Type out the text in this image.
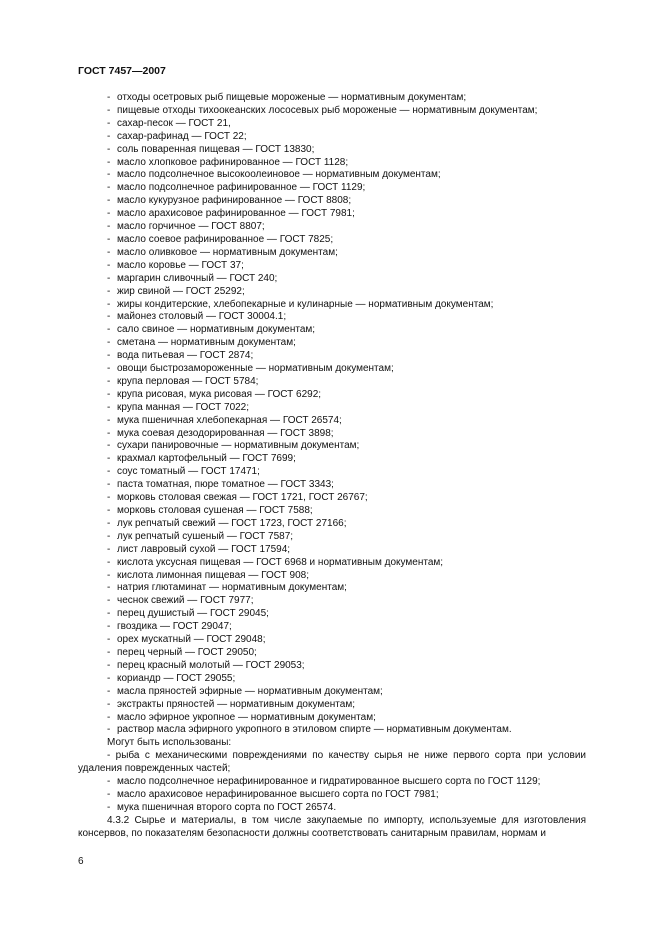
ГОСТ 7457—2007
- отходы осетровых рыб пищевые мороженые — нормативным документам;
- пищевые отходы тихоокеанских лососевых рыб мороженые — нормативным документам;
- сахар-песок — ГОСТ 21,
- сахар-рафинад — ГОСТ 22;
- соль поваренная пищевая — ГОСТ 13830;
- масло хлопковое рафинированное — ГОСТ 1128;
- масло подсолнечное высокоолеиновое — нормативным документам;
- масло подсолнечное рафинированное — ГОСТ 1129;
- масло кукурузное рафинированное — ГОСТ 8808;
- масло арахисовое рафинированное — ГОСТ 7981;
- масло горчичное — ГОСТ 8807;
- масло соевое рафинированное — ГОСТ 7825;
- масло оливковое — нормативным документам;
- масло коровье — ГОСТ 37;
- маргарин сливочный — ГОСТ 240;
- жир свиной — ГОСТ 25292;
- жиры кондитерские, хлебопекарные и кулинарные — нормативным документам;
- майонез столовый — ГОСТ 30004.1;
- сало свиное — нормативным документам;
- сметана — нормативным документам;
- вода питьевая — ГОСТ 2874;
- овощи быстрозамороженные — нормативным документам;
- крупа перловая — ГОСТ 5784;
- крупа рисовая, мука рисовая — ГОСТ 6292;
- крупа манная — ГОСТ 7022;
- мука пшеничная хлебопекарная — ГОСТ 26574;
- мука соевая дезодорированная — ГОСТ 3898;
- сухари панировочные — нормативным документам;
- крахмал картофельный — ГОСТ 7699;
- соус томатный — ГОСТ 17471;
- паста томатная, пюре томатное — ГОСТ 3343;
- морковь столовая свежая — ГОСТ 1721, ГОСТ 26767;
- морковь столовая сушеная — ГОСТ 7588;
- лук репчатый свежий — ГОСТ 1723, ГОСТ 27166;
- лук репчатый сушеный — ГОСТ 7587;
- лист лавровый сухой — ГОСТ 17594;
- кислота уксусная пищевая — ГОСТ 6968 и нормативным документам;
- кислота лимонная пищевая — ГОСТ 908;
- натрия глютаминат — нормативным документам;
- чеснок свежий — ГОСТ 7977;
- перец душистый — ГОСТ 29045;
- гвоздика — ГОСТ 29047;
- орех мускатный — ГОСТ 29048;
- перец черный — ГОСТ 29050;
- перец красный молотый — ГОСТ 29053;
- кориандр — ГОСТ 29055;
- масла пряностей эфирные — нормативным документам;
- экстракты пряностей — нормативным документам;
- масло эфирное укропное — нормативным документам;
- раствор масла эфирного укропного в этиловом спирте — нормативным документам.
Могут быть использованы:
- рыба с механическими повреждениями по качеству сырья не ниже первого сорта при условии удаления поврежденных частей;
- масло подсолнечное нерафинированное и гидратированное высшего сорта по ГОСТ 1129;
- масло арахисовое нерафинированное высшего сорта по ГОСТ 7981;
- мука пшеничная второго сорта по ГОСТ 26574.
4.3.2 Сырье и материалы, в том числе закупаемые по импорту, используемые для изготовления консервов, по показателям безопасности должны соответствовать санитарным правилам, нормам и
6
